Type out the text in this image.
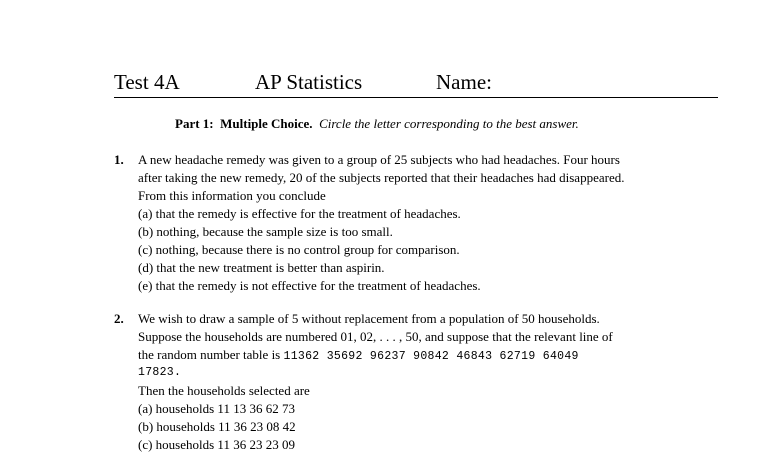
Test 4A	AP Statistics	Name:
Part 1: Multiple Choice. Circle the letter corresponding to the best answer.
1. A new headache remedy was given to a group of 25 subjects who had headaches. Four hours
after taking the new remedy, 20 of the subjects reported that their headaches had disappeared.
From this information you conclude
(a) that the remedy is effective for the treatment of headaches.
(b) nothing, because the sample size is too small.
(c) nothing, because there is no control group for comparison.
(d) that the new treatment is better than aspirin.
(e) that the remedy is not effective for the treatment of headaches.
2. We wish to draw a sample of 5 without replacement from a population of 50 households.
Suppose the households are numbered 01, 02, . . . , 50, and suppose that the relevant line of
the random number table is 11362 35692 96237 90842 46843 62719 64049
17823.
Then the households selected are
(a) households 11 13 36 62 73
(b) households 11 36 23 08 42
(c) households 11 36 23 23 09
